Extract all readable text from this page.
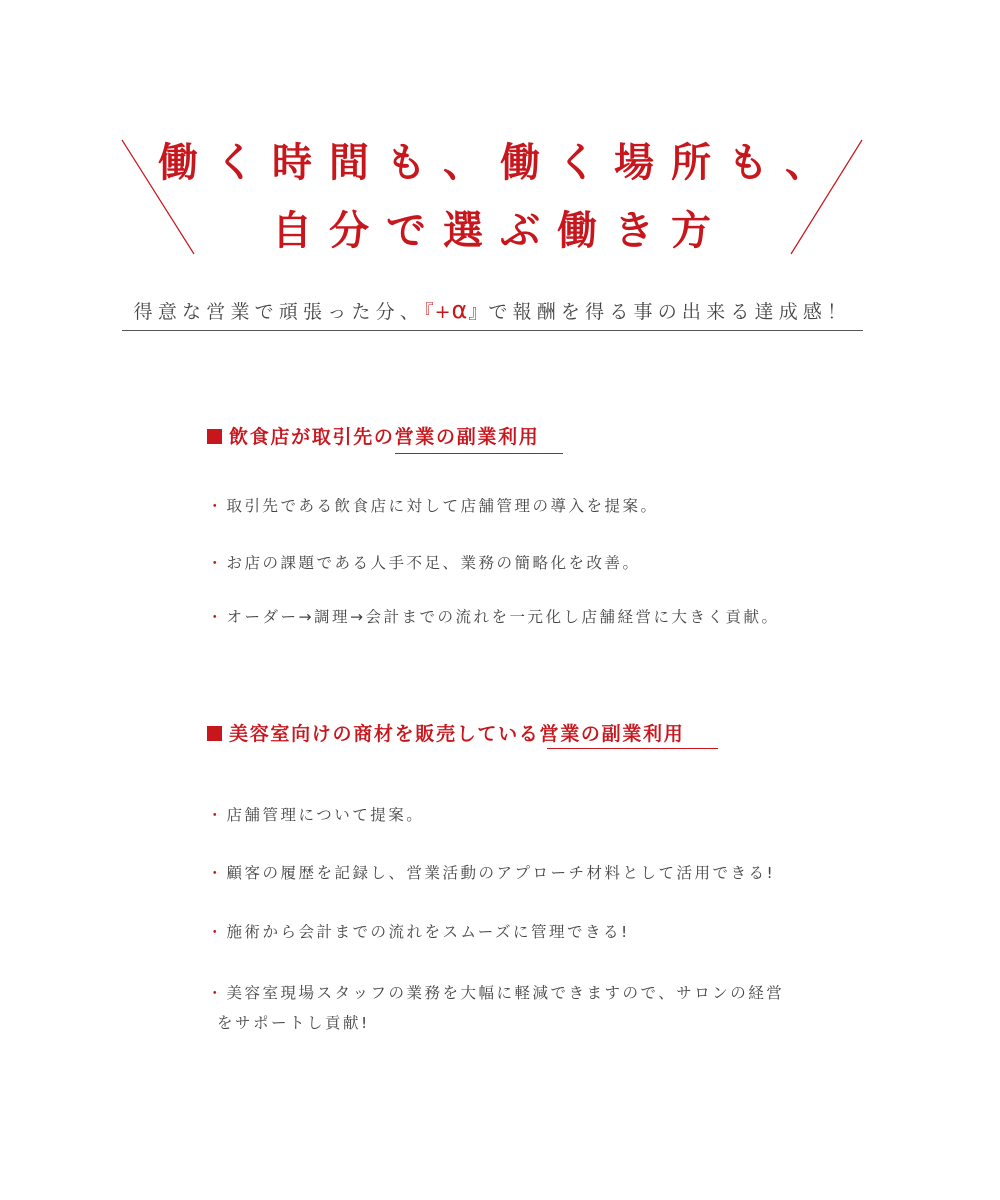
働く時間も、働く場所も、
自分で選ぶ働き方
得意な営業で頑張った分、『+α』で報酬を得る事の出来る達成感！
飲食店が取引先の営業の副業利用
・ 取引先である飲食店に対して店舗管理の導入を提案。
・ お店の課題である人手不足、業務の簡略化を改善。
・ オーダー→調理→会計までの流れを一元化し店舗経営に大きく貢献。
美容室向けの商材を販売している営業の副業利用
・ 店舗管理について提案。
・ 顧客の履歴を記録し、営業活動のアプローチ材料として活用できる!
・ 施術から会計までの流れをスムーズに管理できる!
・ 美容室現場スタッフの業務を大幅に軽減できますので、サロンの経営
をサポートし貢献!
